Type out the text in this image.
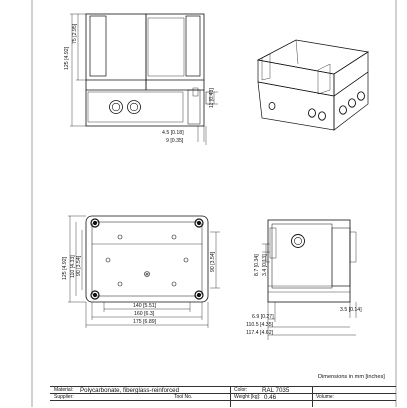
125 [4.92]
75 [2.95]
11 [0.43]
4.5 [0.18]
9 [0.35]
125 [4.92] 110 [4.33] 90 [3.54]	90 [3.54]
140 [5.51]
160 [6.3]
175 [6.89]
8.7 [0.34] 3.4 [0.13]
3.5 [0.14]
6.9 [0.27]
110.5 [4.35]
117.4 [4.62]
Dimensions in mm [inches]
Material: Polycarbonate, fiberglass-reinforced	Color: RAL 7035
Supplier:	Tool No.	Weight [kg]: 0.46	Volume:
